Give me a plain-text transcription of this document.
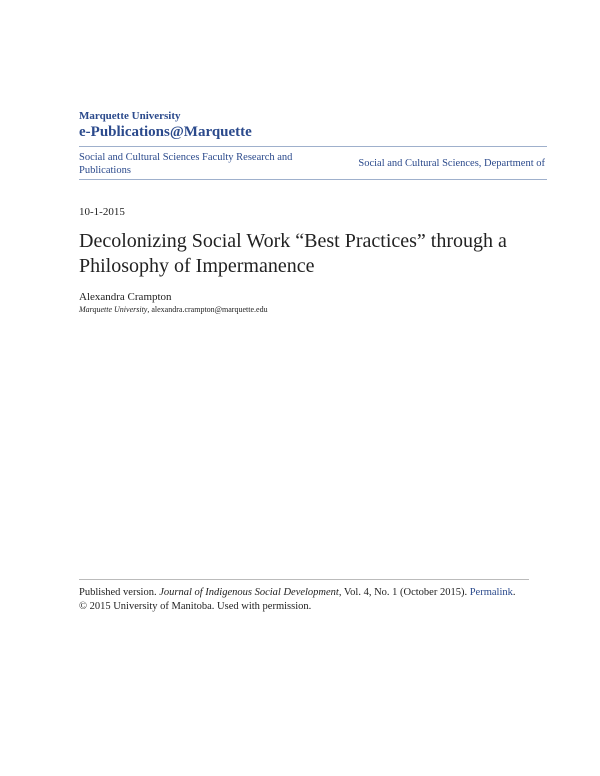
Marquette University
e-Publications@Marquette
Social and Cultural Sciences Faculty Research and Publications
Social and Cultural Sciences, Department of
10-1-2015
Decolonizing Social Work “Best Practices” through a Philosophy of Impermanence
Alexandra Crampton
Marquette University, alexandra.crampton@marquette.edu
Published version. Journal of Indigenous Social Development, Vol. 4, No. 1 (October 2015). Permalink.
© 2015 University of Manitoba. Used with permission.
